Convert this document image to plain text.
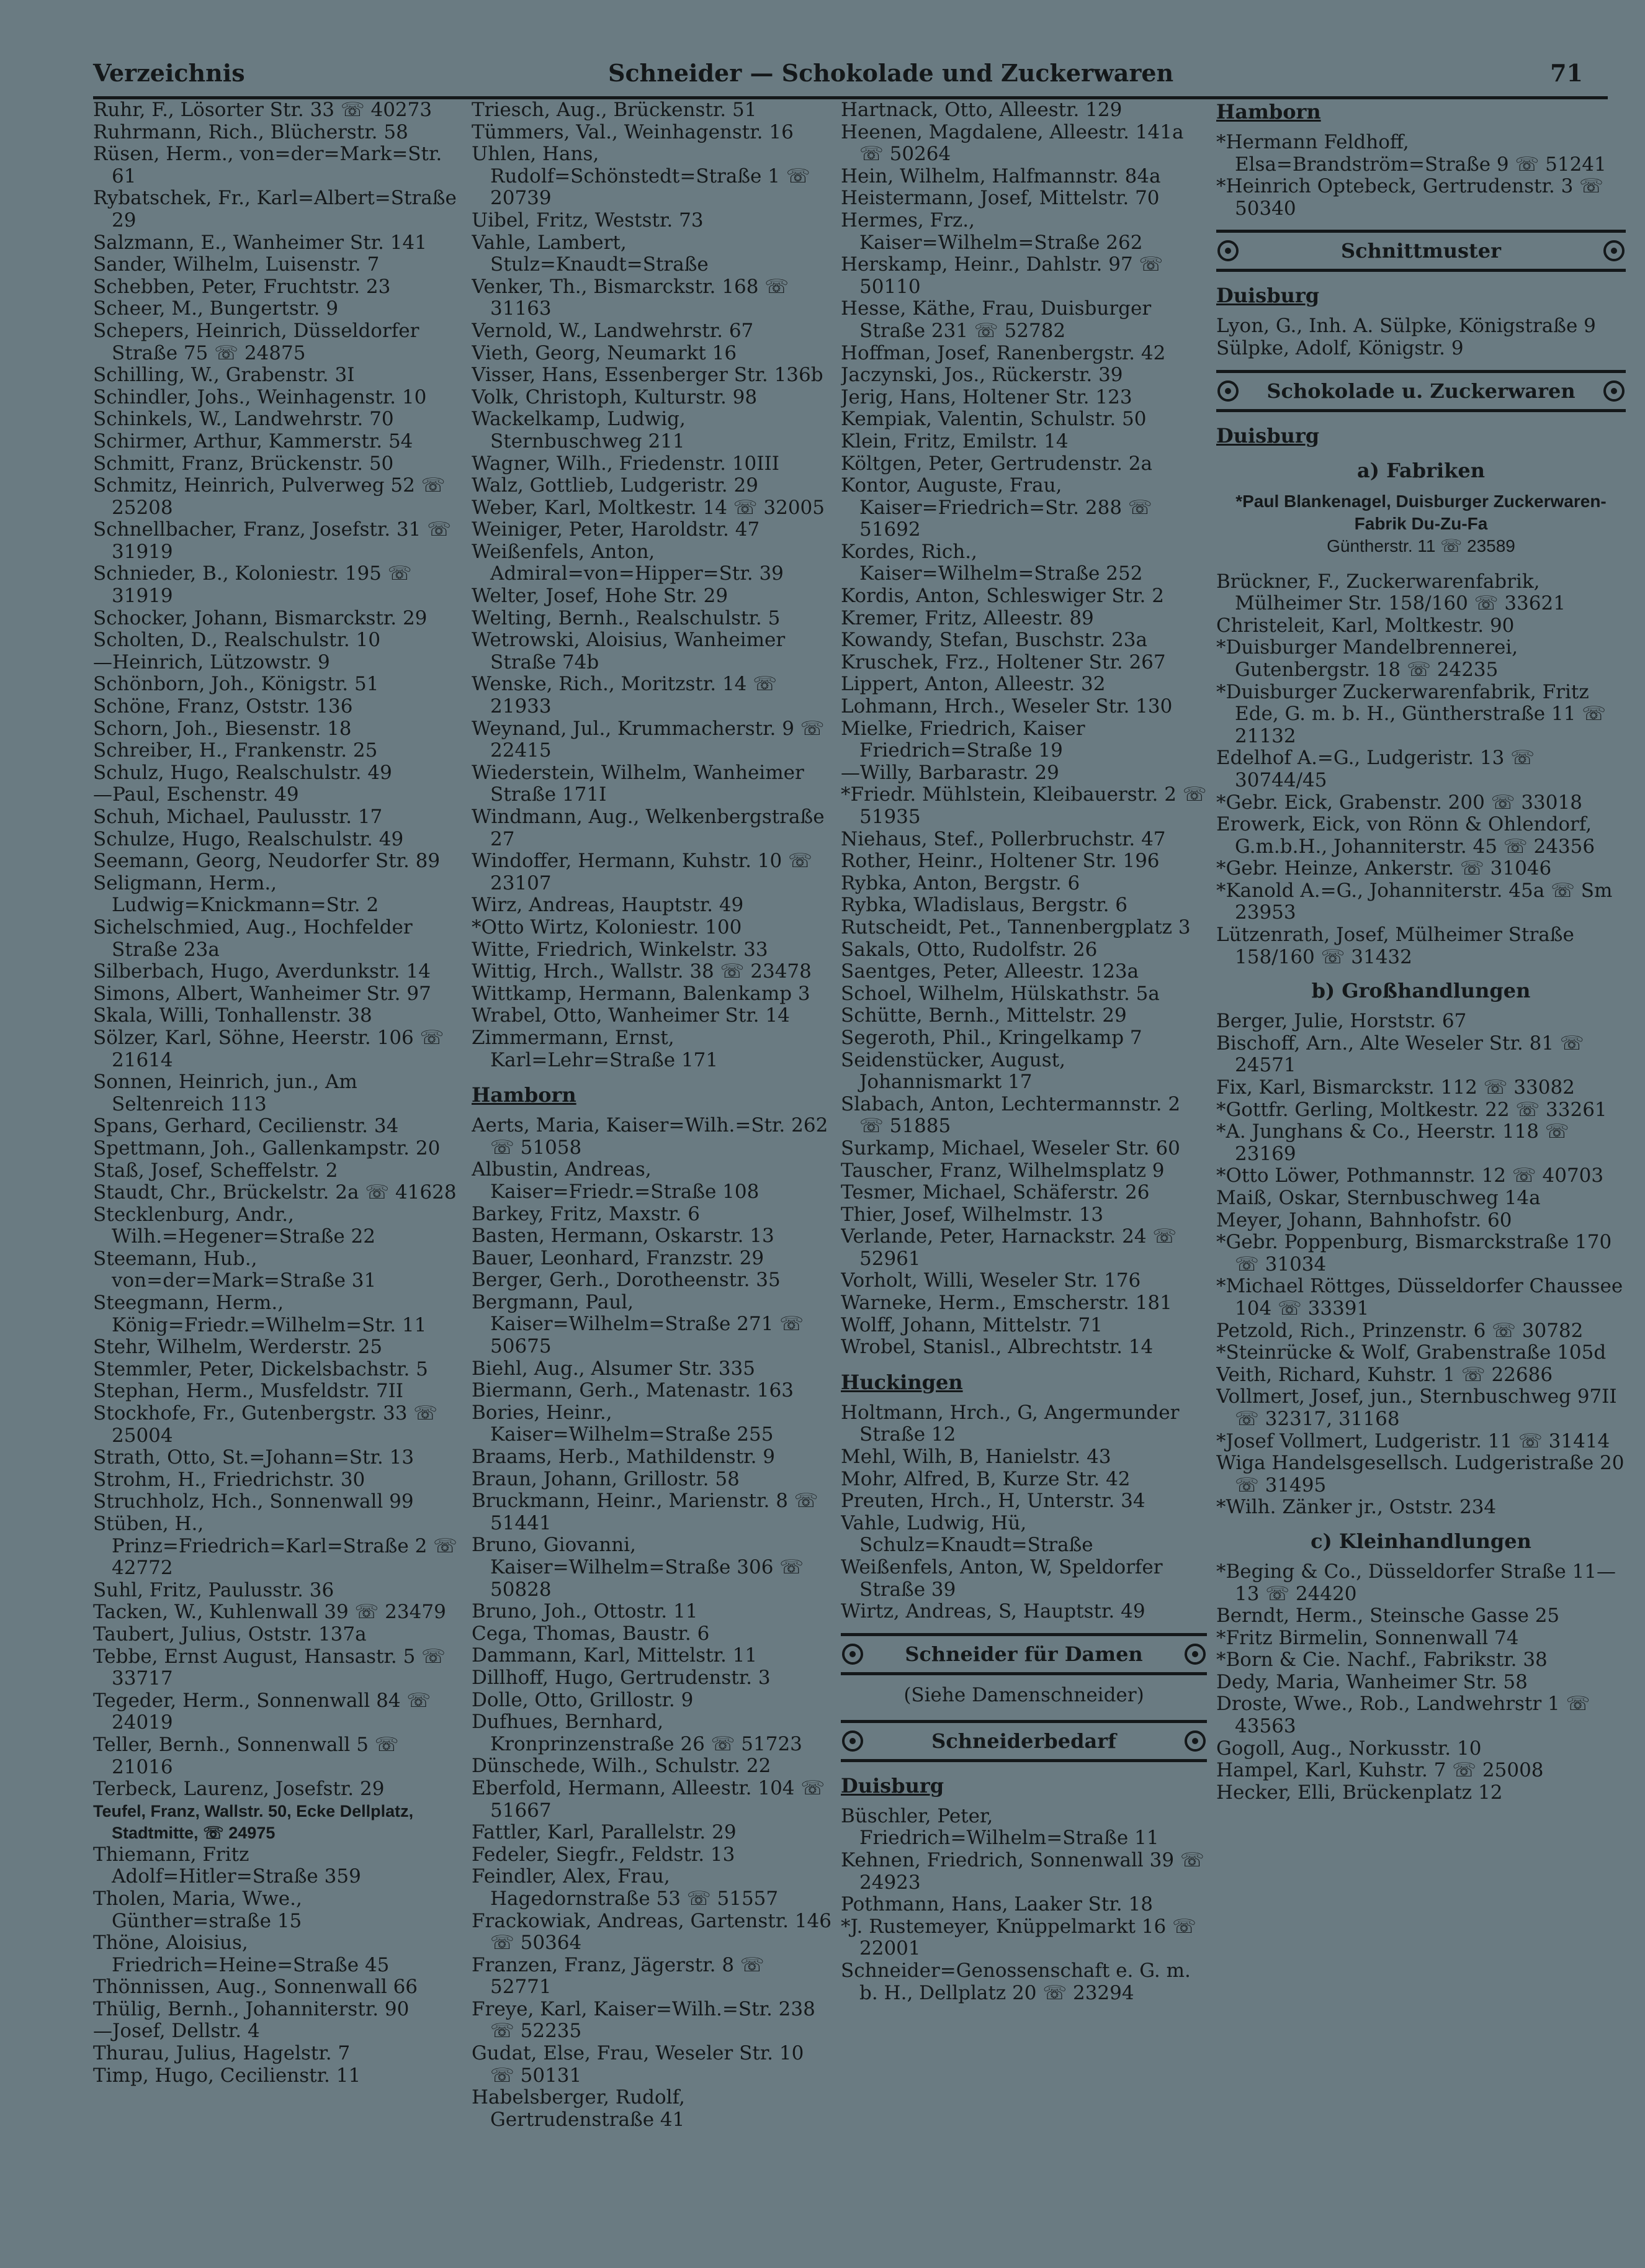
Verzeichnis	Schneider — Schokolade und Zuckerwaren	71
Ruhr, F., Lösorter Str. 33 ☏ 40273
Ruhrmann, Rich., Blücherstr. 58
Rüsen, Herm., von=der=Mark=Str. 61
Rybatschek, Fr., Karl=Albert=Straße 29
Salzmann, E., Wanheimer Str. 141
Sander, Wilhelm, Luisenstr. 7
Schebben, Peter, Fruchtstr. 23
Scheer, M., Bungertstr. 9
Schepers, Heinrich, Düsseldorfer Straße 75 ☏ 24875
Schilling, W., Grabenstr. 3I
Schindler, Johs., Weinhagenstr. 10
Schinkels, W., Landwehrstr. 70
Schirmer, Arthur, Kammerstr. 54
Schmitt, Franz, Brückenstr. 50
Schmitz, Heinrich, Pulverweg 52 ☏ 25208
Schnellbacher, Franz, Josefstr. 31 ☏ 31919
Schnieder, B., Koloniestr. 195 ☏ 31919
Schocker, Johann, Bismarckstr. 29
Scholten, D., Realschulstr. 10
—Heinrich, Lützowstr. 9
Schönborn, Joh., Königstr. 51
Schöne, Franz, Oststr. 136
Schorn, Joh., Biesenstr. 18
Schreiber, H., Frankenstr. 25
Schulz, Hugo, Realschulstr. 49
—Paul, Eschenstr. 49
Schuh, Michael, Paulusstr. 17
Schulze, Hugo, Realschulstr. 49
Seemann, Georg, Neudorfer Str. 89
Seligmann, Herm., Ludwig=Knickmann=Str. 2
Sichelschmied, Aug., Hochfelder Straße 23a
Silberbach, Hugo, Averdunkstr. 14
Simons, Albert, Wanheimer Str. 97
Skala, Willi, Tonhallenstr. 38
Sölzer, Karl, Söhne, Heerstr. 106 ☏ 21614
Sonnen, Heinrich, jun., Am Seltenreich 113
Spans, Gerhard, Cecilienstr. 34
Spettmann, Joh., Gallenkampstr. 20
Staß, Josef, Scheffelstr. 2
Staudt, Chr., Brückelstr. 2a ☏ 41628
Stecklenburg, Andr., Wilh.=Hegener=Straße 22
Steemann, Hub., von=der=Mark=Straße 31
Steegmann, Herm., König=Friedr.=Wilhelm=Str. 11
Stehr, Wilhelm, Werderstr. 25
Stemmler, Peter, Dickelsbachstr. 5
Stephan, Herm., Musfeldstr. 7II
Stockhofe, Fr., Gutenbergstr. 33 ☏ 25004
Strath, Otto, St.=Johann=Str. 13
Strohm, H., Friedrichstr. 30
Struchholz, Hch., Sonnenwall 99
Stüben, H., Prinz=Friedrich=Karl=Straße 2 ☏ 42772
Suhl, Fritz, Paulusstr. 36
Tacken, W., Kuhlenwall 39 ☏ 23479
Taubert, Julius, Oststr. 137a
Tebbe, Ernst August, Hansastr. 5 ☏ 33717
Tegeder, Herm., Sonnenwall 84 ☏ 24019
Teller, Bernh., Sonnenwall 5 ☏ 21016
Terbeck, Laurenz, Josefstr. 29
Teufel, Franz, Wallstr. 50, Ecke Dellplatz, Stadtmitte, ☏ 24975
Thiemann, Fritz Adolf=Hitler=Straße 359
Tholen, Maria, Wwe., Günther=straße 15
Thöne, Aloisius, Friedrich=Heine=Straße 45
Thönnissen, Aug., Sonnenwall 66
Thülig, Bernh., Johanniterstr. 90
—Josef, Dellstr. 4
Thurau, Julius, Hagelstr. 7
Timp, Hugo, Cecilienstr. 11
Triesch, Aug., Brückenstr. 51
Tümmers, Val., Weinhagenstr. 16
Uhlen, Hans, Rudolf=Schönstedt=Straße 1 ☏ 20739
Uibel, Fritz, Weststr. 73
Vahle, Lambert, Stulz=Knaudt=Straße
Venker, Th., Bismarckstr. 168 ☏ 31163
Vernold, W., Landwehrstr. 67
Vieth, Georg, Neumarkt 16
Visser, Hans, Essenberger Str. 136b
Volk, Christoph, Kulturstr. 98
Wackelkamp, Ludwig, Sternbuschweg 211
Wagner, Wilh., Friedenstr. 10III
Walz, Gottlieb, Ludgeristr. 29
Weber, Karl, Moltkestr. 14 ☏ 32005
Weiniger, Peter, Haroldstr. 47
Weißenfels, Anton, Admiral=von=Hipper=Str. 39
Welter, Josef, Hohe Str. 29
Welting, Bernh., Realschulstr. 5
Wetrowski, Aloisius, Wanheimer Straße 74b
Wenske, Rich., Moritzstr. 14 ☏ 21933
Weynand, Jul., Krummacherstr. 9 ☏ 22415
Wiederstein, Wilhelm, Wanheimer Straße 171I
Windmann, Aug., Welkenbergstraße 27
Windoffer, Hermann, Kuhstr. 10 ☏ 23107
Wirz, Andreas, Hauptstr. 49
*Otto Wirtz, Koloniestr. 100
Witte, Friedrich, Winkelstr. 33
Wittig, Hrch., Wallstr. 38 ☏ 23478
Wittkamp, Hermann, Balenkamp 3
Wrabel, Otto, Wanheimer Str. 14
Zimmermann, Ernst, Karl=Lehr=Straße 171
Hamborn
Aerts, Maria, Kaiser=Wilh.=Str. 262 ☏ 51058
Albustin, Andreas, Kaiser=Friedr.=Straße 108
Barkey, Fritz, Maxstr. 6
Basten, Hermann, Oskarstr. 13
Bauer, Leonhard, Franzstr. 29
Berger, Gerh., Dorotheenstr. 35
Bergmann, Paul, Kaiser=Wilhelm=Straße 271 ☏ 50675
Biehl, Aug., Alsumer Str. 335
Biermann, Gerh., Matenastr. 163
Bories, Heinr., Kaiser=Wilhelm=Straße 255
Braams, Herb., Mathildenstr. 9
Braun, Johann, Grillostr. 58
Bruckmann, Heinr., Marienstr. 8 ☏ 51441
Bruno, Giovanni, Kaiser=Wilhelm=Straße 306 ☏ 50828
Bruno, Joh., Ottostr. 11
Cega, Thomas, Baustr. 6
Dammann, Karl, Mittelstr. 11
Dillhoff, Hugo, Gertrudenstr. 3
Dolle, Otto, Grillostr. 9
Dufhues, Bernhard, Kronprinzenstraße 26 ☏ 51723
Dünschede, Wilh., Schulstr. 22
Eberfold, Hermann, Alleestr. 104 ☏ 51667
Fattler, Karl, Parallelstr. 29
Fedeler, Siegfr., Feldstr. 13
Feindler, Alex, Frau, Hagedornstraße 53 ☏ 51557
Frackowiak, Andreas, Gartenstr. 146 ☏ 50364
Franzen, Franz, Jägerstr. 8 ☏ 52771
Freye, Karl, Kaiser=Wilh.=Str. 238 ☏ 52235
Gudat, Else, Frau, Weseler Str. 10 ☏ 50131
Habelsberger, Rudolf, Gertrudenstraße 41
Hartnack, Otto, Alleestr. 129
Heenen, Magdalene, Alleestr. 141a ☏ 50264
Hein, Wilhelm, Halfmannstr. 84a
Heistermann, Josef, Mittelstr. 70
Hermes, Frz., Kaiser=Wilhelm=Straße 262
Herskamp, Heinr., Dahlstr. 97 ☏ 50110
Hesse, Käthe, Frau, Duisburger Straße 231 ☏ 52782
Hoffman, Josef, Ranenbergstr. 42
Jaczynski, Jos., Rückerstr. 39
Jerig, Hans, Holtener Str. 123
Kempiak, Valentin, Schulstr. 50
Klein, Fritz, Emilstr. 14
Költgen, Peter, Gertrudenstr. 2a
Kontor, Auguste, Frau, Kaiser=Friedrich=Str. 288 ☏ 51692
Kordes, Rich., Kaiser=Wilhelm=Straße 252
Kordis, Anton, Schleswiger Str. 2
Kremer, Fritz, Alleestr. 89
Kowandy, Stefan, Buschstr. 23a
Kruschek, Frz., Holtener Str. 267
Lippert, Anton, Alleestr. 32
Lohmann, Hrch., Weseler Str. 130
Mielke, Friedrich, Kaiser Friedrich=Straße 19
—Willy, Barbarastr. 29
*Friedr. Mühlstein, Kleibauerstr. 2 ☏ 51935
Niehaus, Stef., Pollerbruchstr. 47
Rother, Heinr., Holtener Str. 196
Rybka, Anton, Bergstr. 6
Rybka, Wladislaus, Bergstr. 6
Rutscheidt, Pet., Tannenbergplatz 3
Sakals, Otto, Rudolfstr. 26
Saentges, Peter, Alleestr. 123a
Schoel, Wilhelm, Hülskathstr. 5a
Schütte, Bernh., Mittelstr. 29
Segeroth, Phil., Kringelkamp 7
Seidenstücker, August, Johannismarkt 17
Slabach, Anton, Lechtermannstr. 2 ☏ 51885
Surkamp, Michael, Weseler Str. 60
Tauscher, Franz, Wilhelmsplatz 9
Tesmer, Michael, Schäferstr. 26
Thier, Josef, Wilhelmstr. 13
Verlande, Peter, Harnackstr. 24 ☏ 52961
Vorholt, Willi, Weseler Str. 176
Warneke, Herm., Emscherstr. 181
Wolff, Johann, Mittelstr. 71
Wrobel, Stanisl., Albrechtstr. 14
Huckingen
Holtmann, Hrch., G, Angermunder Straße 12
Mehl, Wilh, B, Hanielstr. 43
Mohr, Alfred, B, Kurze Str. 42
Preuten, Hrch., H, Unterstr. 34
Vahle, Ludwig, Hü, Schulz=Knaudt=Straße
Weißenfels, Anton, W, Speldorfer Straße 39
Wirtz, Andreas, S, Hauptstr. 49
Schneider für Damen
(Siehe Damenschneider)
Schneiderbedarf
Duisburg
Büschler, Peter, Friedrich=Wilhelm=Straße 11
Kehnen, Friedrich, Sonnenwall 39 ☏ 24923
Pothmann, Hans, Laaker Str. 18
*J. Rustemeyer, Knüppelmarkt 16 ☏ 22001
Schneider=Genossenschaft e. G. m. b. H., Dellplatz 20 ☏ 23294
Hamborn
*Hermann Feldhoff, Elsa=Brandström=Straße 9 ☏ 51241
*Heinrich Optebeck, Gertrudenstr. 3 ☏ 50340
Schnittmuster
Duisburg
Lyon, G., Inh. A. Sülpke, Königstraße 9
Sülpke, Adolf, Königstr. 9
Schokolade u. Zuckerwaren
Duisburg
a) Fabriken
*Paul Blankenagel, Duisburger Zuckerwaren-Fabrik Du-Zu-Fa
Güntherstr. 11 ☏ 23589
Brückner, F., Zuckerwarenfabrik, Mülheimer Str. 158/160 ☏ 33621
Christeleit, Karl, Moltkestr. 90
*Duisburger Mandelbrennerei, Gutenbergstr. 18 ☏ 24235
*Duisburger Zuckerwarenfabrik, Fritz Ede, G. m. b. H., Güntherstraße 11 ☏ 21132
Edelhof A.=G., Ludgeristr. 13 ☏ 30744/45
*Gebr. Eick, Grabenstr. 200 ☏ 33018
Erowerk, Eick, von Rönn & Ohlendorf, G.m.b.H., Johanniterstr. 45 ☏ 24356
*Gebr. Heinze, Ankerstr. ☏ 31046
*Kanold A.=G., Johanniterstr. 45a ☏ Sm 23953
Lützenrath, Josef, Mülheimer Straße 158/160 ☏ 31432
b) Großhandlungen
Berger, Julie, Horststr. 67
Bischoff, Arn., Alte Weseler Str. 81 ☏ 24571
Fix, Karl, Bismarckstr. 112 ☏ 33082
*Gottfr. Gerling, Moltkestr. 22 ☏ 33261
*A. Junghans & Co., Heerstr. 118 ☏ 23169
*Otto Löwer, Pothmannstr. 12 ☏ 40703
Maiß, Oskar, Sternbuschweg 14a
Meyer, Johann, Bahnhofstr. 60
*Gebr. Poppenburg, Bismarckstraße 170 ☏ 31034
*Michael Röttges, Düsseldorfer Chaussee 104 ☏ 33391
Petzold, Rich., Prinzenstr. 6 ☏ 30782
*Steinrücke & Wolf, Grabenstraße 105d
Veith, Richard, Kuhstr. 1 ☏ 22686
Vollmert, Josef, jun., Sternbuschweg 97II ☏ 32317, 31168
*Josef Vollmert, Ludgeristr. 11 ☏ 31414
Wiga Handelsgesellsch. Ludgeristraße 20 ☏ 31495
*Wilh. Zänker jr., Oststr. 234
c) Kleinhandlungen
*Beging & Co., Düsseldorfer Straße 11—13 ☏ 24420
Berndt, Herm., Steinsche Gasse 25
*Fritz Birmelin, Sonnenwall 74
*Born & Cie. Nachf., Fabrikstr. 38
Dedy, Maria, Wanheimer Str. 58
Droste, Wwe., Rob., Landwehrstr 1 ☏ 43563
Gogoll, Aug., Norkusstr. 10
Hampel, Karl, Kuhstr. 7 ☏ 25008
Hecker, Elli, Brückenplatz 12
